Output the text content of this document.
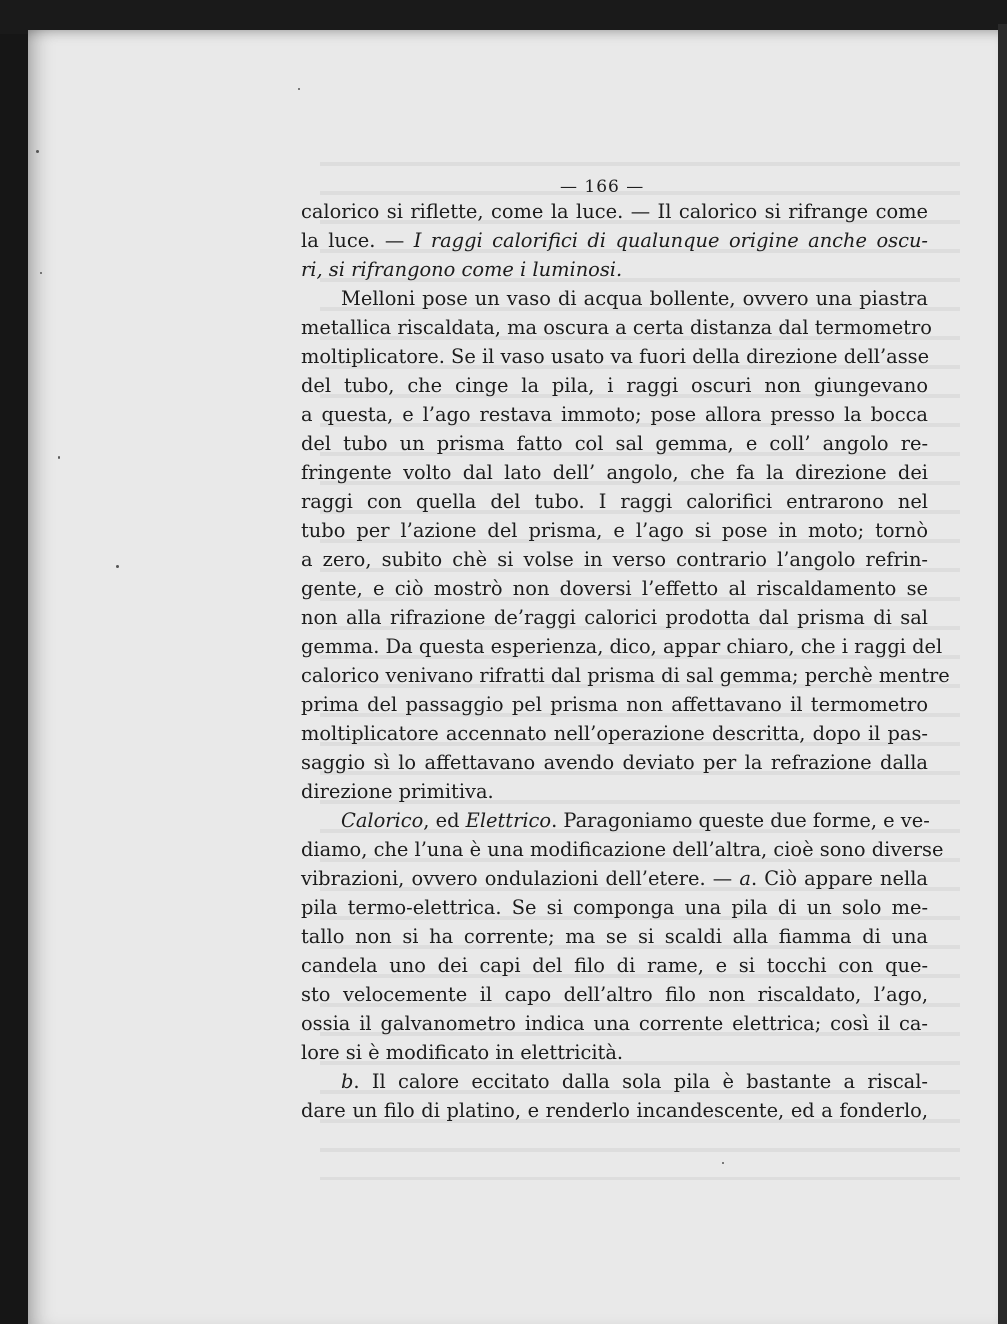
— 166 —
calorico si riflette, come la luce. — Il calorico si rifrange come
la luce. — I raggi calorifici di qualunque origine anche oscu-
ri, si rifrangono come i luminosi.
Melloni pose un vaso di acqua bollente, ovvero una piastra
metallica riscaldata, ma oscura a certa distanza dal termometro
moltiplicatore. Se il vaso usato va fuori della direzione dell’asse
del tubo, che cinge la pila, i raggi oscuri non giungevano
a questa, e l’ago restava immoto; pose allora presso la bocca
del tubo un prisma fatto col sal gemma, e coll’ angolo re-
fringente volto dal lato dell’ angolo, che fa la direzione dei
raggi con quella del tubo. I raggi calorifici entrarono nel
tubo per l’azione del prisma, e l’ago si pose in moto; tornò
a zero, subito chè si volse in verso contrario l’angolo refrin-
gente, e ciò mostrò non doversi l’effetto al riscaldamento se
non alla rifrazione de’raggi calorici prodotta dal prisma di sal
gemma. Da questa esperienza, dico, appar chiaro, che i raggi del
calorico venivano rifratti dal prisma di sal gemma; perchè mentre
prima del passaggio pel prisma non affettavano il termometro
moltiplicatore accennato nell’operazione descritta, dopo il pas-
saggio sì lo affettavano avendo deviato per la refrazione dalla
direzione primitiva.
Calorico, ed Elettrico. Paragoniamo queste due forme, e ve-
diamo, che l’una è una modificazione dell’altra, cioè sono diverse
vibrazioni, ovvero ondulazioni dell’etere. — a. Ciò appare nella
pila termo-elettrica. Se si componga una pila di un solo me-
tallo non si ha corrente; ma se si scaldi alla fiamma di una
candela uno dei capi del filo di rame, e si tocchi con que-
sto velocemente il capo dell’altro filo non riscaldato, l’ago,
ossia il galvanometro indica una corrente elettrica; così il ca-
lore si è modificato in elettricità.
b. Il calore eccitato dalla sola pila è bastante a riscal-
dare un filo di platino, e renderlo incandescente, ed a fonderlo,
